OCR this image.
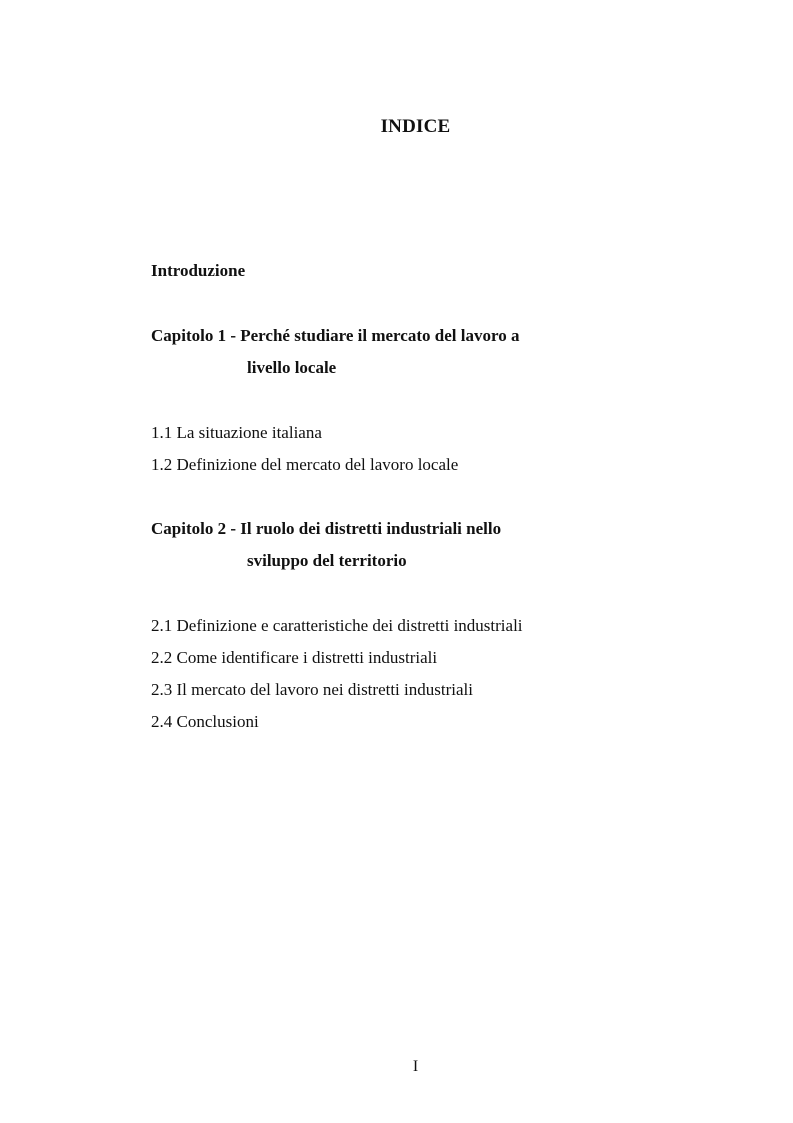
INDICE
Introduzione
Capitolo 1 - Perché studiare il mercato del lavoro a
livello locale
1.1 La situazione italiana
1.2 Definizione del mercato del lavoro locale
Capitolo 2 - Il ruolo dei distretti industriali nello
sviluppo del territorio
2.1 Definizione e caratteristiche dei distretti industriali
2.2 Come identificare i distretti industriali
2.3 Il mercato del lavoro nei distretti industriali
2.4 Conclusioni
I
